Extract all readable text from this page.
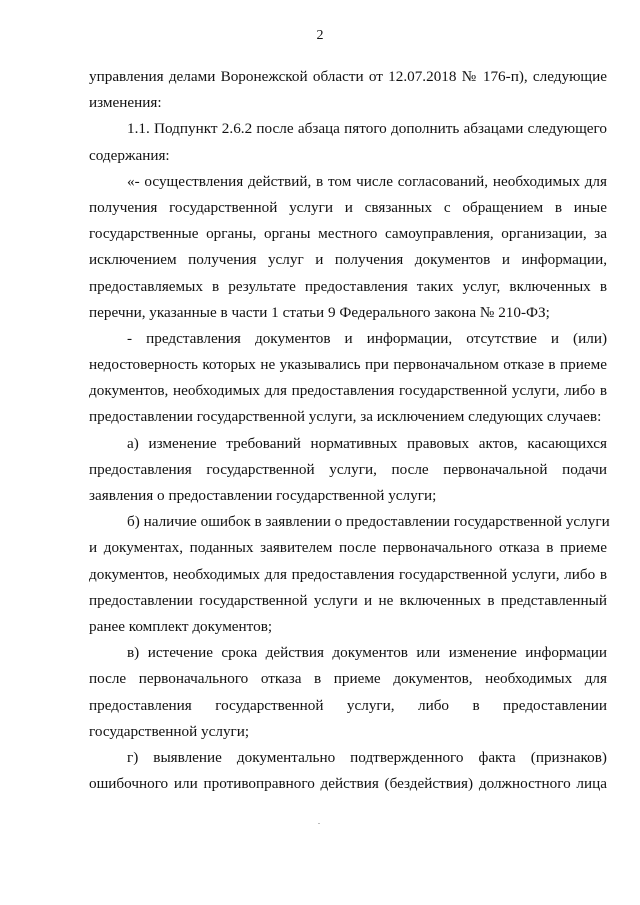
2
управления делами Воронежской области от 12.07.2018 № 176-п), следующие
изменения:
1.1. Подпункт 2.6.2 после абзаца пятого дополнить абзацами следующего
содержания:
«- осуществления действий, в том числе согласований, необходимых для
получения государственной услуги и связанных с обращением в иные
государственные органы, органы местного самоуправления, организации, за
исключением получения услуг и получения документов и информации,
предоставляемых в результате предоставления таких услуг, включенных в
перечни, указанные в части 1 статьи 9 Федерального закона № 210-ФЗ;
- представления документов и информации, отсутствие и (или)
недостоверность которых не указывались при первоначальном отказе в приеме
документов, необходимых для предоставления государственной услуги, либо в
предоставлении государственной услуги, за исключением следующих случаев:
а) изменение требований нормативных правовых актов, касающихся
предоставления государственной услуги, после первоначальной подачи
заявления о предоставлении государственной услуги;
б) наличие ошибок в заявлении о предоставлении государственной услуги
и документах, поданных заявителем после первоначального отказа в приеме
документов, необходимых для предоставления государственной услуги, либо в
предоставлении государственной услуги и не включенных в представленный
ранее комплект документов;
в) истечение срока действия документов или изменение информации
после первоначального отказа в приеме документов, необходимых для
предоставления государственной услуги, либо в предоставлении
государственной услуги;
г) выявление документально подтвержденного факта (признаков)
ошибочного или противоправного действия (бездействия) должностного лица
